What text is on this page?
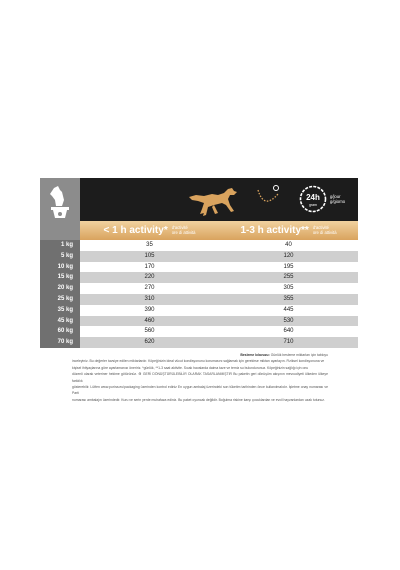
24h
gram
g/jour
g/giorno
< 1 h activity* d'activité
ore di attività	1-3 h activity** d'activité
ore di attività
1 kg	35	40
5 kg	105	120
10 kg	170	195
15 kg	220	255
20 kg	270	305
25 kg	310	355
35 kg	390	445
45 kg	460	530
60 kg	560	640
70 kg	620	710
Besleme kılavuzu: Günlük besleme miktarları için tabloyu
inceleyiniz. Bu değerler tavsiye edilen miktarlardır. Köpeğinizin ideal vücut kondisyonunu korumasını sağlamak için gerekirse miktarı ayarlayın. Fiziksel kondisyonuna ve
kişisel ihtiyaçlarına göre ayarlamanızı öneririz. *günlük, **1-3 saat aktivite. Sıcak havalarda daima taze ve temiz su bulundurunuz. Köpeğinizin sağlığı için onu
düzenli olarak veteriner hekime götürünüz. ♻ GERİ DÖNÜŞTÜRÜLEBİLİR OLARAK TASARLANMIŞTIR Bu paketin geri dönüşüm akışının mevcudiyeti ülkeden ülkeye farklılık
gösterebilir. Lütfen www.purina.eu/packaging üzerinden kontrol ediniz En uygun ambalaj üzerindeki son tüketim tarihinden önce kullanılmalıdır. İşletme onay numarası ve Parti
numarası ambalajın üzerindedir. Kuru ve serin yerde muhafaza ediniz. Bu paket oyuncak değildir. Boğulma riskine karşı çocuklardan ve evcil hayvanlardan uzak tutunuz.
